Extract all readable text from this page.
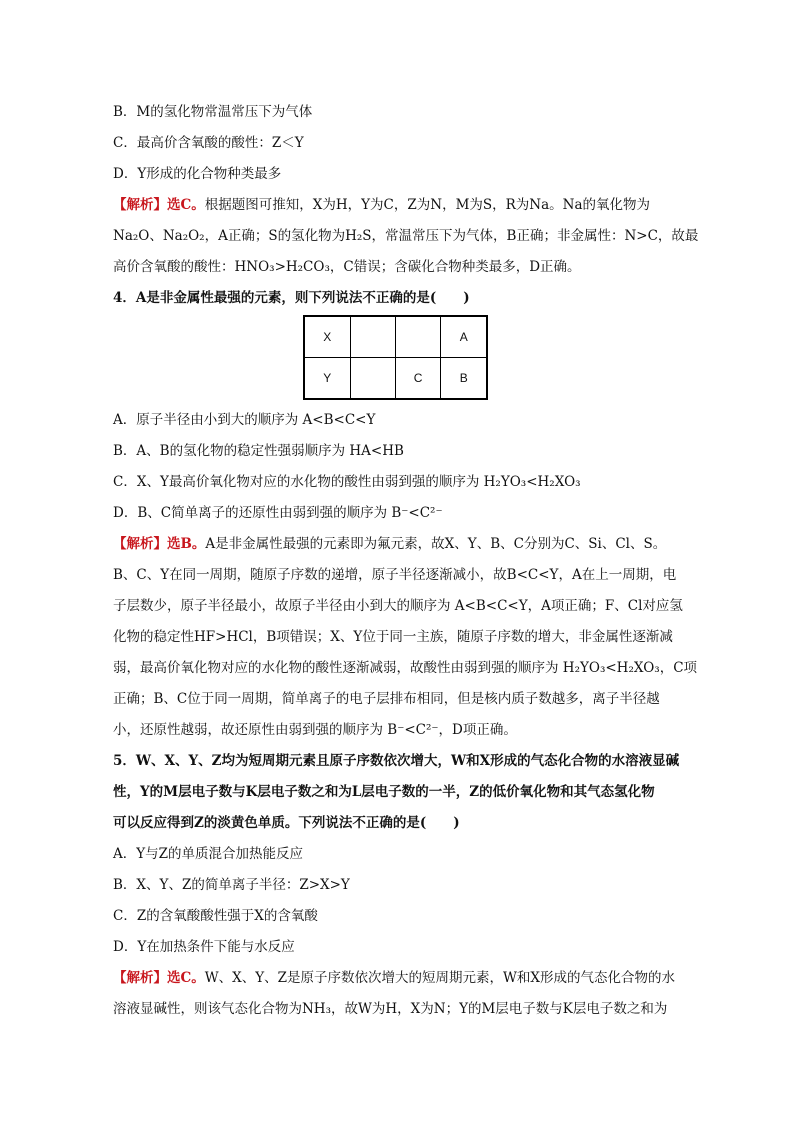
B．M的氢化物常温常压下为气体

C．最高价含氧酸的酸性：Z＜Y

D．Y形成的化合物种类最多

【解析】选C。根据题图可推知，X为H，Y为C，Z为N，M为S，R为Na。Na的氧化物为

Na₂O、Na₂O₂，A正确；S的氢化物为H₂S，常温常压下为气体，B正确；非金属性：N>C，故最

高价含氧酸的酸性：HNO₃>H₂CO₃，C错误；含碳化合物种类最多，D正确。

4．A是非金属性最强的元素，则下列说法不正确的是(　　)

X			A
Y		C	B

A．原子半径由小到大的顺序为 A<B<C<Y

B．A、B的氢化物的稳定性强弱顺序为 HA<HB

C．X、Y最高价氧化物对应的水化物的酸性由弱到强的顺序为 H₂YO₃<H₂XO₃

D．B、C简单离子的还原性由弱到强的顺序为 B⁻<C²⁻

【解析】选B。A是非金属性最强的元素即为氟元素，故X、Y、B、C分别为C、Si、Cl、S。

B、C、Y在同一周期，随原子序数的递增，原子半径逐渐减小，故B<C<Y，A在上一周期，电

子层数少，原子半径最小，故原子半径由小到大的顺序为 A<B<C<Y，A项正确；F、Cl对应氢

化物的稳定性HF>HCl，B项错误；X、Y位于同一主族，随原子序数的增大，非金属性逐渐减

弱，最高价氧化物对应的水化物的酸性逐渐减弱，故酸性由弱到强的顺序为 H₂YO₃<H₂XO₃，C项

正确；B、C位于同一周期，简单离子的电子层排布相同，但是核内质子数越多，离子半径越

小，还原性越弱，故还原性由弱到强的顺序为 B⁻<C²⁻，D项正确。

5．W、X、Y、Z均为短周期元素且原子序数依次增大，W和X形成的气态化合物的水溶液显碱

性，Y的M层电子数与K层电子数之和为L层电子数的一半，Z的低价氧化物和其气态氢化物

可以反应得到Z的淡黄色单质。下列说法不正确的是(　　)

A．Y与Z的单质混合加热能反应

B．X、Y、Z的简单离子半径：Z>X>Y

C．Z的含氧酸酸性强于X的含氧酸

D．Y在加热条件下能与水反应

【解析】选C。W、X、Y、Z是原子序数依次增大的短周期元素，W和X形成的气态化合物的水

溶液显碱性，则该气态化合物为NH₃，故W为H，X为N；Y的M层电子数与K层电子数之和为
